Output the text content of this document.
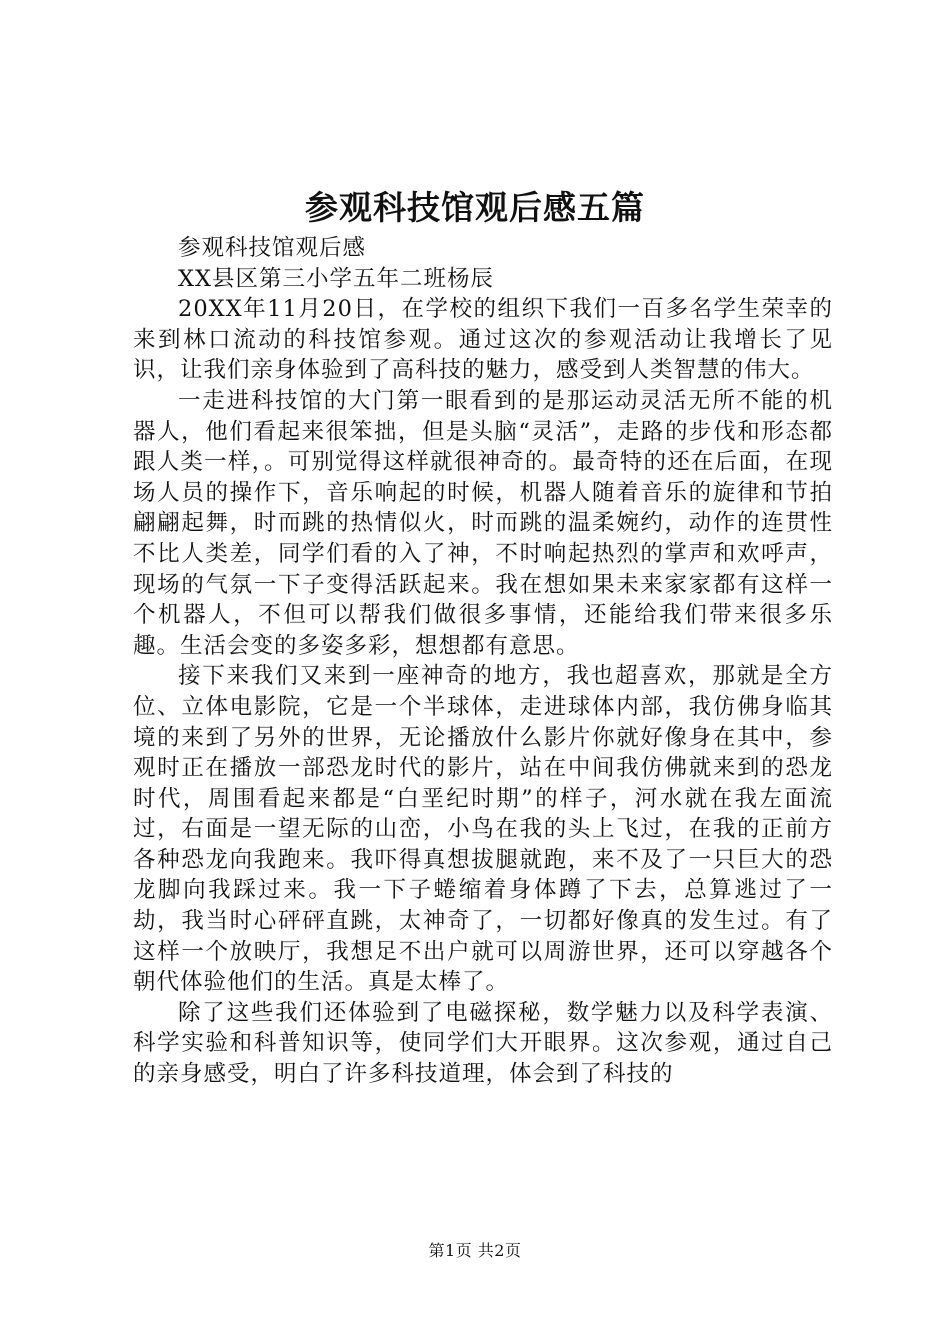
参观科技馆观后感五篇

参观科技馆观后感

XX县区第三小学五年二班杨辰

20XX年11月20日，在学校的组织下我们一百多名学生荣幸的来到林口流动的科技馆参观。通过这次的参观活动让我增长了见识，让我们亲身体验到了高科技的魅力，感受到人类智慧的伟大。

一走进科技馆的大门第一眼看到的是那运动灵活无所不能的机器人，他们看起来很笨拙，但是头脑“灵活”，走路的步伐和形态都跟人类一样，。可别觉得这样就很神奇的。最奇特的还在后面，在现场人员的操作下，音乐响起的时候，机器人随着音乐的旋律和节拍翩翩起舞，时而跳的热情似火，时而跳的温柔婉约，动作的连贯性不比人类差，同学们看的入了神，不时响起热烈的掌声和欢呼声，现场的气氛一下子变得活跃起来。我在想如果未来家家都有这样一个机器人，不但可以帮我们做很多事情，还能给我们带来很多乐趣。生活会变的多姿多彩，想想都有意思。

接下来我们又来到一座神奇的地方，我也超喜欢，那就是全方位、立体电影院，它是一个半球体，走进球体内部，我仿佛身临其境的来到了另外的世界，无论播放什么影片你就好像身在其中，参观时正在播放一部恐龙时代的影片，站在中间我仿佛就来到的恐龙时代，周围看起来都是“白垩纪时期”的样子，河水就在我左面流过，右面是一望无际的山峦，小鸟在我的头上飞过，在我的正前方各种恐龙向我跑来。我吓得真想拔腿就跑，来不及了一只巨大的恐龙脚向我踩过来。我一下子蜷缩着身体蹲了下去，总算逃过了一劫，我当时心砰砰直跳，太神奇了，一切都好像真的发生过。有了这样一个放映厅，我想足不出户就可以周游世界，还可以穿越各个朝代体验他们的生活。真是太棒了。

除了这些我们还体验到了电磁探秘，数学魅力以及科学表演、科学实验和科普知识等，使同学们大开眼界。这次参观，通过自己的亲身感受，明白了许多科技道理，体会到了科技的

第1页 共2页
